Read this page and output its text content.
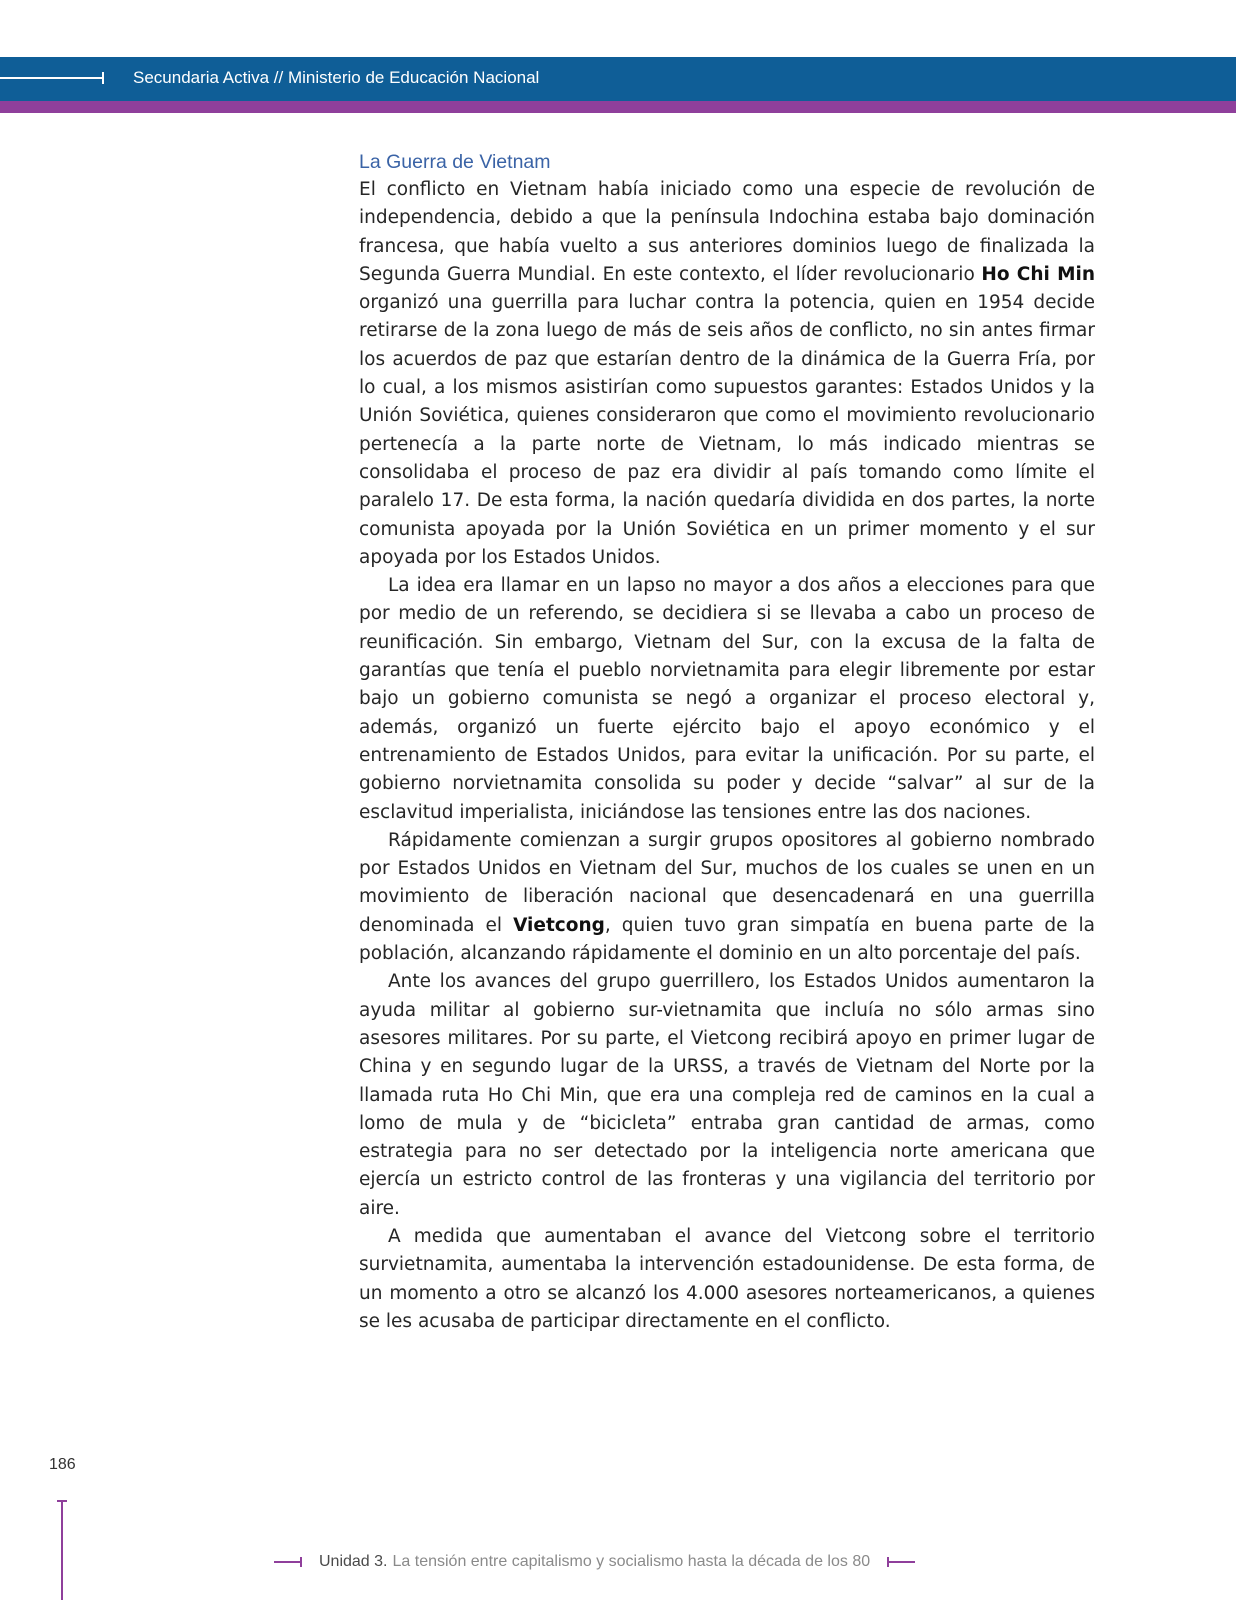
Secundaria Activa // Ministerio de Educación Nacional
La Guerra de Vietnam

El conflicto en Vietnam había iniciado como una especie de revolución de independencia, debido a que la península Indochina estaba bajo dominación francesa, que había vuelto a sus anteriores dominios luego de finalizada la Segunda Guerra Mundial. En este contexto, el líder revolucionario Ho Chi Min organizó una guerrilla para luchar contra la potencia, quien en 1954 decide retirarse de la zona luego de más de seis años de conflicto, no sin antes firmar los acuerdos de paz que estarían dentro de la dinámica de la Guerra Fría, por lo cual, a los mismos asistirían como supuestos garantes: Estados Unidos y la Unión Soviética, quienes consideraron que como el movimiento revolucionario pertenecía a la parte norte de Vietnam, lo más indicado mientras se consolidaba el proceso de paz era dividir al país tomando como límite el paralelo 17. De esta forma, la nación quedaría dividida en dos partes, la norte comunista apoyada por la Unión Soviética en un primer momento y el sur apoyada por los Estados Unidos.

La idea era llamar en un lapso no mayor a dos años a elecciones para que por medio de un referendo, se decidiera si se llevaba a cabo un proceso de reunificación. Sin embargo, Vietnam del Sur, con la excusa de la falta de garantías que tenía el pueblo norvietnamita para elegir libremente por estar bajo un gobierno comunista se negó a organizar el proceso electoral y, además, organizó un fuerte ejército bajo el apoyo económico y el entrenamiento de Estados Unidos, para evitar la unificación. Por su parte, el gobierno norvietnamita consolida su poder y decide “salvar” al sur de la esclavitud imperialista, iniciándose las tensiones entre las dos naciones.

Rápidamente comienzan a surgir grupos opositores al gobierno nombrado por Estados Unidos en Vietnam del Sur, muchos de los cuales se unen en un movimiento de liberación nacional que desencadenará en una guerrilla denominada el Vietcong, quien tuvo gran simpatía en buena parte de la población, alcanzando rápidamente el dominio en un alto porcentaje del país.

Ante los avances del grupo guerrillero, los Estados Unidos aumentaron la ayuda militar al gobierno sur-vietnamita que incluía no sólo armas sino asesores militares. Por su parte, el Vietcong recibirá apoyo en primer lugar de China y en segundo lugar de la URSS, a través de Vietnam del Norte por la llamada ruta Ho Chi Min, que era una compleja red de caminos en la cual a lomo de mula y de “bicicleta” entraba gran cantidad de armas, como estrategia para no ser detectado por la inteligencia norte americana que ejercía un estricto control de las fronteras y una vigilancia del territorio por aire.

A medida que aumentaban el avance del Vietcong sobre el territorio survietnamita, aumentaba la intervención estadounidense. De esta forma, de un momento a otro se alcanzó los 4.000 asesores norteamericanos, a quienes se les acusaba de participar directamente en el conflicto.

186
Unidad 3. La tensión entre capitalismo y socialismo hasta la década de los 80
